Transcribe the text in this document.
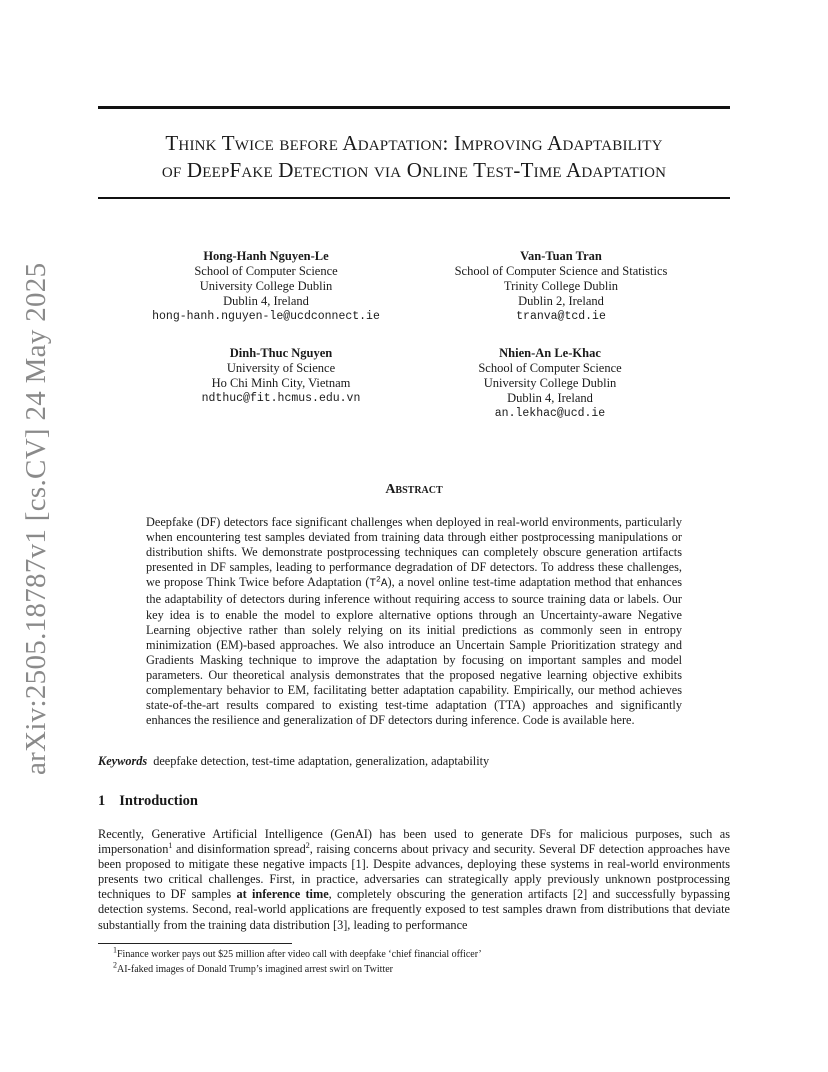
arXiv:2505.18787v1 [cs.CV] 24 May 2025
Think Twice before Adaptation: Improving Adaptability
of DeepFake Detection via Online Test-Time Adaptation
Hong-Hanh Nguyen-Le
School of Computer Science
University College Dublin
Dublin 4, Ireland
hong-hanh.nguyen-le@ucdconnect.ie
Van-Tuan Tran
School of Computer Science and Statistics
Trinity College Dublin
Dublin 2, Ireland
tranva@tcd.ie
Dinh-Thuc Nguyen
University of Science
Ho Chi Minh City, Vietnam
ndthuc@fit.hcmus.edu.vn
Nhien-An Le-Khac
School of Computer Science
University College Dublin
Dublin 4, Ireland
an.lekhac@ucd.ie
Abstract

Deepfake (DF) detectors face significant challenges when deployed in real-world environments, particularly when encountering test samples deviated from training data through either postprocessing manipulations or distribution shifts. We demonstrate postprocessing techniques can completely obscure generation artifacts presented in DF samples, leading to performance degradation of DF detectors. To address these challenges, we propose Think Twice before Adaptation $(T^2A)$, a novel online test-time adaptation method that enhances the adaptability of detectors during inference without requiring access to source training data or labels. Our key idea is to enable the model to explore alternative options through an Uncertainty-aware Negative Learning objective rather than solely relying on its initial predictions as commonly seen in entropy minimization (EM)-based approaches. We also introduce an Uncertain Sample Prioritization strategy and Gradients Masking technique to improve the adaptation by focusing on important samples and model parameters. Our theoretical analysis demonstrates that the proposed negative learning objective exhibits complementary behavior to EM, facilitating better adaptation capability. Empirically, our method achieves state-of-the-art results compared to existing test-time adaptation (TTA) approaches and significantly enhances the resilience and generalization of DF detectors during inference. Code is available here.

Keywords deepfake detection, test-time adaptation, generalization, adaptability
1 Introduction

Recently, Generative Artificial Intelligence (GenAI) has been used to generate DFs for malicious purposes, such as impersonation$^1$ and disinformation spread$^2$, raising concerns about privacy and security. Several DF detection approaches have been proposed to mitigate these negative impacts [1]. Despite advances, deploying these systems in real-world environments presents two critical challenges. First, in practice, adversaries can strategically apply previously unknown postprocessing techniques to DF samples at inference time, completely obscuring the generation artifacts [2] and successfully bypassing detection systems. Second, real-world applications are frequently exposed to test samples drawn from distributions that deviate substantially from the training data distribution [3], leading to performance

$^1$Finance worker pays out $25 million after video call with deepfake ‘chief financial officer’
$^2$AI-faked images of Donald Trump’s imagined arrest swirl on Twitter
